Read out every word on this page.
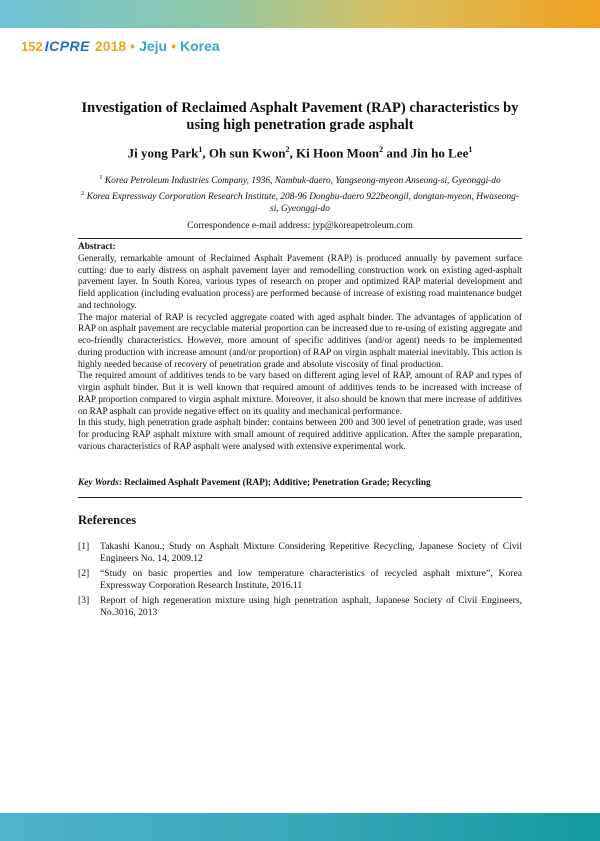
152 ICPRE 2018 • Jeju • Korea
Investigation of Reclaimed Asphalt Pavement (RAP) characteristics by
using high penetration grade asphalt
Ji yong Park$^1$, Oh sun Kwon$^2$, Ki Hoon Moon$^2$ and Jin ho Lee$^1$
$^1$ Korea Petroleum Industries Company, 1936, Nambuk-daero, Yangseong-myeon Anseong-si, Gyeonggi-do
$^2$ Korea Expressway Corporation Research Institute, 208-96 Dongbu-daero 922beongil, dongtan-myeon, Hwaseong-si, Gyeonggi-do
Correspondence e-mail address: jyp@koreapetroleum.com
Abstract:

Generally, remarkable amount of Reclaimed Asphalt Pavement (RAP) is produced annually by pavement surface cutting: due to early distress on asphalt pavement layer and remodelling construction work on existing aged-asphalt pavement layer. In South Korea, various types of research on proper and optimized RAP material development and field application (including evaluation process) are performed because of increase of existing road maintenance budget and technology.

The major material of RAP is recycled aggregate coated with aged asphalt binder. The advantages of application of RAP on asphalt pavement are recyclable material proportion can be increased due to re-using of existing aggregate and eco-friendly characteristics. However, more amount of specific additives (and/or agent) needs to be implemented during production with increase amount (and/or proportion) of RAP on virgin asphalt material inevitably. This action is highly needed because of recovery of penetration grade and absolute viscosity of final production.

The required amount of additives tends to be vary based on different aging level of RAP, amount of RAP and types of virgin asphalt binder. But it is well known that required amount of additives tends to be increased with increase of RAP proportion compared to virgin asphalt mixture. Moreover, it also should be known that mere increase of additives on RAP asphalt can provide negative effect on its quality and mechanical performance.

In this study, high penetration grade asphalt binder: contains between 200 and 300 level of penetration grade, was used for producing RAP asphalt mixture with small amount of required additive application. After the sample preparation, various characteristics of RAP asphalt were analysed with extensive experimental work.

Key Words: Reclaimed Asphalt Pavement (RAP); Additive; Penetration Grade; Recycling
References
[1]	Takashi Kanou.; Study on Asphalt Mixture Considering Repetitive Recycling, Japanese Society of Civil Engineers No. 14, 2009.12
[2]	“Study on basic properties and low temperature characteristics of recycled asphalt mixture”, Korea Expressway Corporation Research Institute, 2016.11
[3]	Report of high regeneration mixture using high penetration asphalt, Japanese Society of Civil Engineers, No.3016, 2013
